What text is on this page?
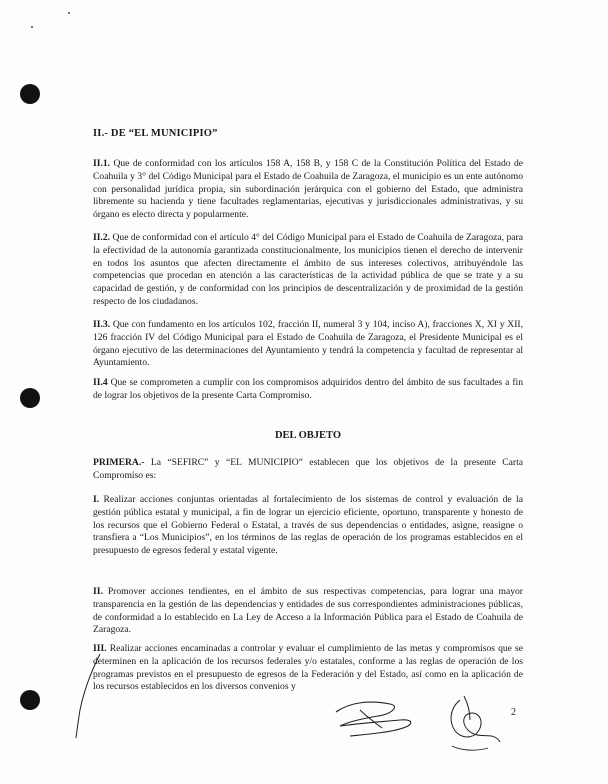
II.- DE “EL MUNICIPIO”

II.1. Que de conformidad con los artículos 158 A, 158 B, y 158 C de la Constitución Política del Estado de Coahuila y 3° del Código Municipal para el Estado de Coahuila de Zaragoza, el municipio es un ente autónomo con personalidad jurídica propia, sin subordinación jerárquica con el gobierno del Estado, que administra libremente su hacienda y tiene facultades reglamentarias, ejecutivas y jurisdiccionales administrativas, y su órgano es electo directa y popularmente.

II.2. Que de conformidad con el artículo 4° del Código Municipal para el Estado de Coahuila de Zaragoza, para la efectividad de la autonomía garantizada constitucionalmente, los municipios tienen el derecho de intervenir en todos los asuntos que afecten directamente el ámbito de sus intereses colectivos, atribuyéndole las competencias que procedan en atención a las características de la actividad pública de que se trate y a su capacidad de gestión, y de conformidad con los principios de descentralización y de proximidad de la gestión respecto de los ciudadanos.

II.3. Que con fundamento en los artículos 102, fracción II, numeral 3 y 104, inciso A), fracciones X, XI y XII, 126 fracción IV del Código Municipal para el Estado de Coahuila de Zaragoza, el Presidente Municipal es el órgano ejecutivo de las determinaciones del Ayuntamiento y tendrá la competencia y facultad de representar al Ayuntamiento.

II.4 Que se comprometen a cumplir con los compromisos adquiridos dentro del ámbito de sus facultades a fin de lograr los objetivos de la presente Carta Compromiso.

DEL OBJETO

PRIMERA.- La “SEFIRC” y “EL MUNICIPIO” establecen que los objetivos de la presente Carta Compromiso es:

I. Realizar acciones conjuntas orientadas al fortalecimiento de los sistemas de control y evaluación de la gestión pública estatal y municipal, a fin de lograr un ejercicio eficiente, oportuno, transparente y honesto de los recursos que el Gobierno Federal o Estatal, a través de sus dependencias o entidades, asigne, reasigne o transfiera a “Los Municipios”, en los términos de las reglas de operación de los programas establecidos en el presupuesto de egresos federal y estatal vigente.

II. Promover acciones tendientes, en el ámbito de sus respectivas competencias, para lograr una mayor transparencia en la gestión de las dependencias y entidades de sus correspondientes administraciones públicas, de conformidad a lo establecido en La Ley de Acceso a la Información Pública para el Estado de Coahuila de Zaragoza.

III. Realizar acciones encaminadas a controlar y evaluar el cumplimiento de las metas y compromisos que se determinen en la aplicación de los recursos federales y/o estatales, conforme a las reglas de operación de los programas previstos en el presupuesto de egresos de la Federación y del Estado, así como en la aplicación de los recursos establecidos en los diversos convenios y

2
